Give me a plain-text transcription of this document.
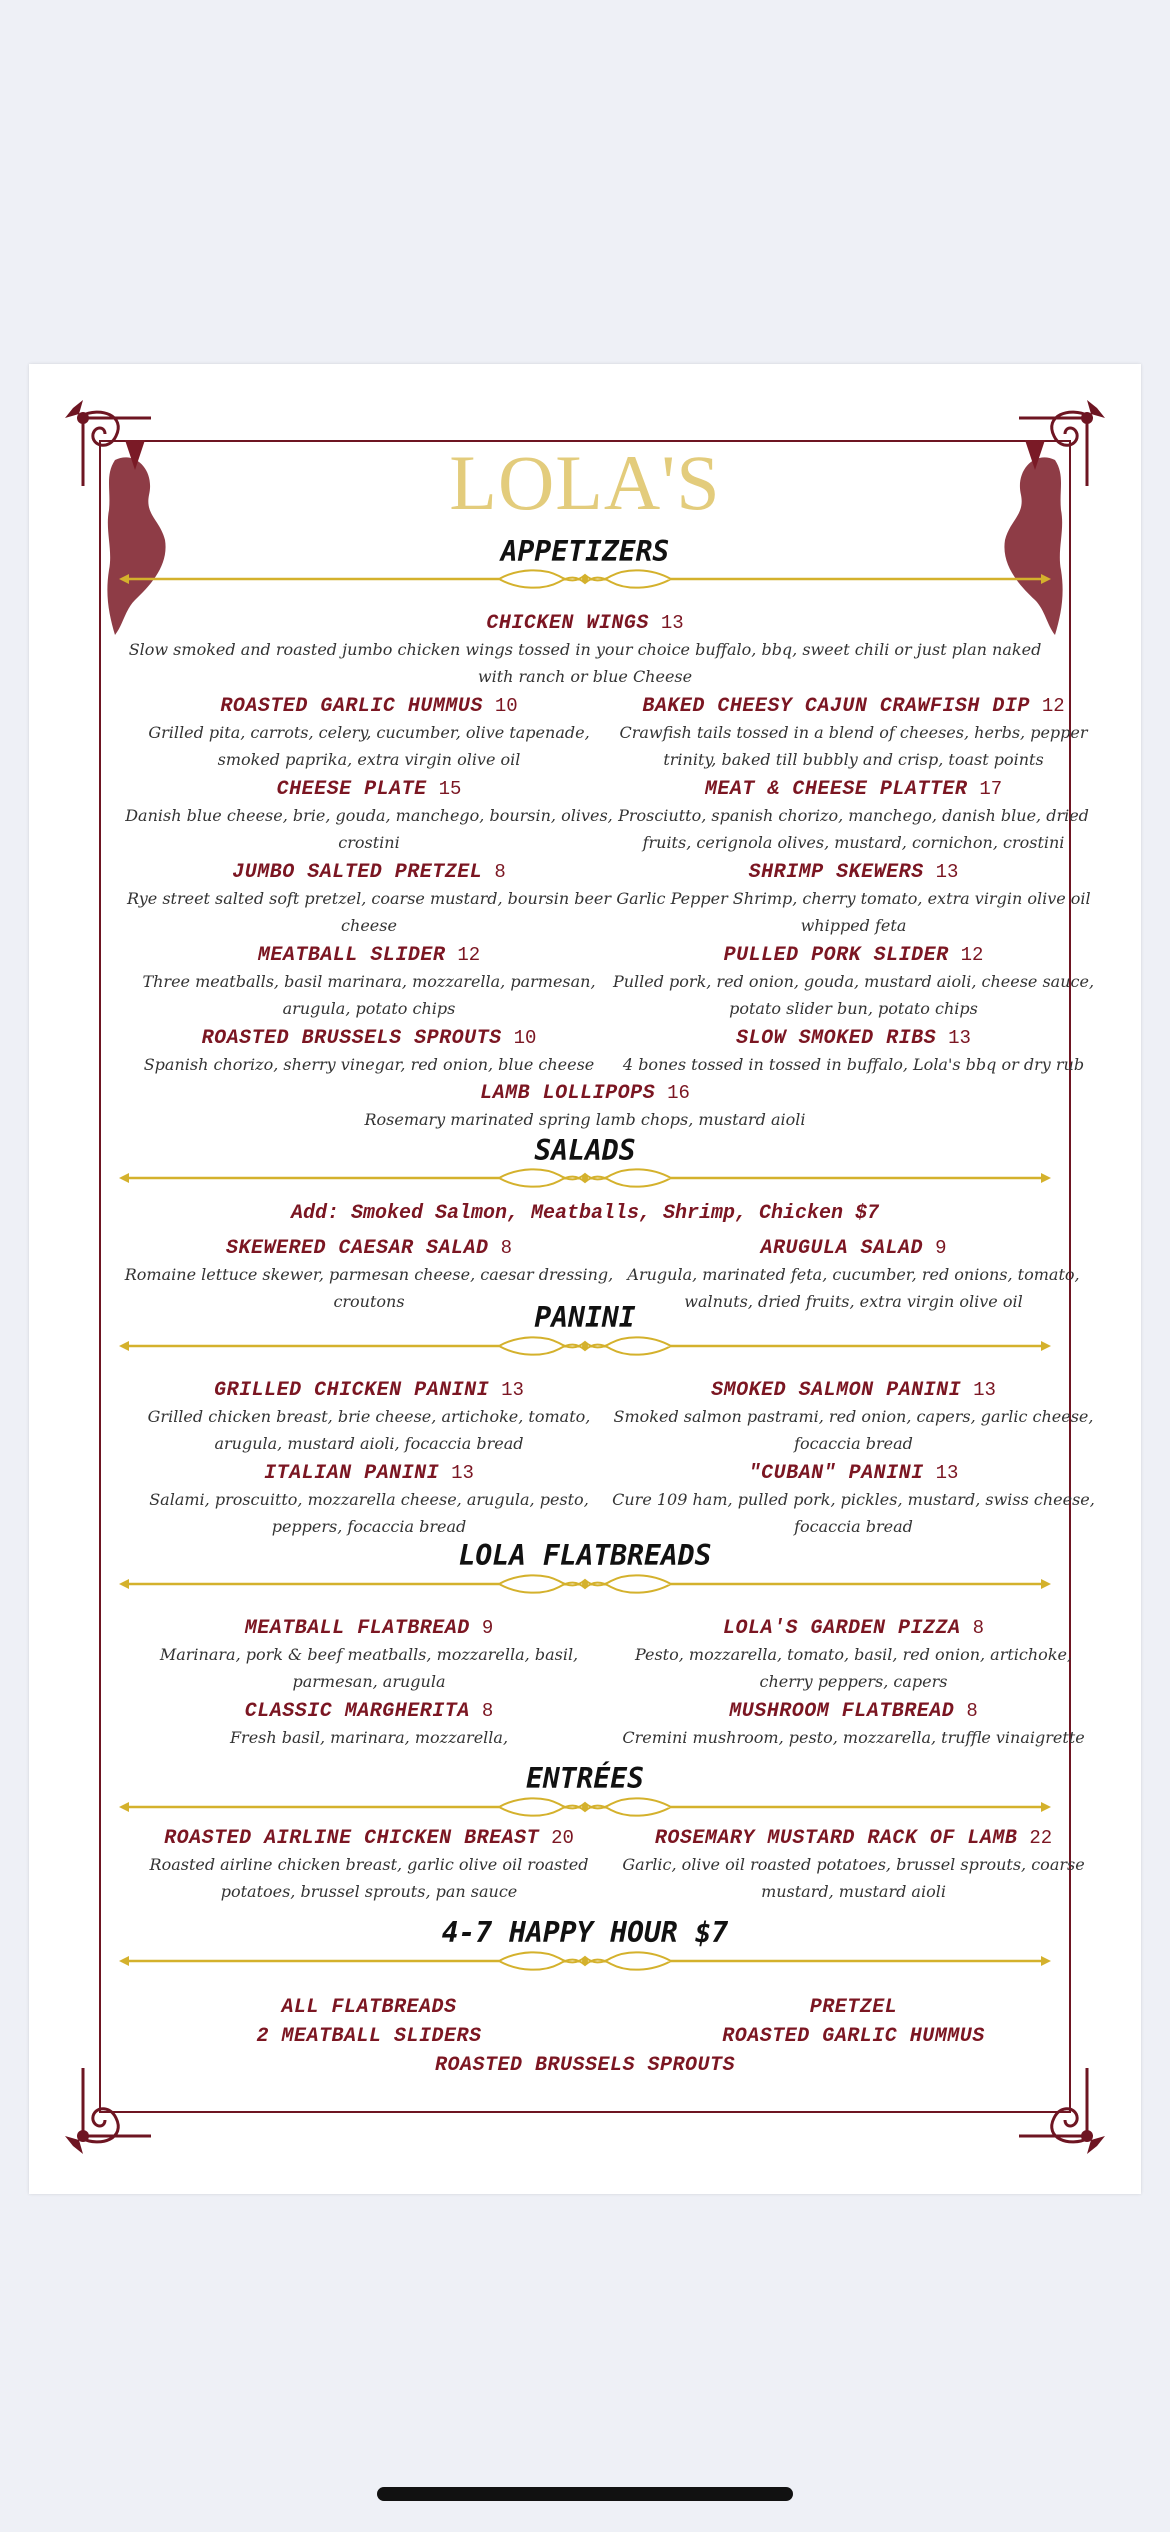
LOLA'S
APPETIZERS
CHICKEN WINGS 13
Slow smoked and roasted jumbo chicken wings tossed in your choice buffalo, bbq, sweet chili or just plan naked with ranch or blue Cheese
ROASTED GARLIC HUMMUS 10
Grilled pita, carrots, celery, cucumber, olive tapenade, smoked paprika, extra virgin olive oil
BAKED CHEESY CAJUN CRAWFISH DIP 12
Crawfish tails tossed in a blend of cheeses, herbs, pepper trinity, baked till bubbly and crisp, toast points
CHEESE PLATE 15
Danish blue cheese, brie, gouda, manchego, boursin, olives, crostini
MEAT & CHEESE PLATTER 17
Prosciutto, spanish chorizo, manchego, danish blue, dried fruits, cerignola olives, mustard, cornichon, crostini
JUMBO SALTED PRETZEL 8
Rye street salted soft pretzel, coarse mustard, boursin beer cheese
SHRIMP SKEWERS 13
Garlic Pepper Shrimp, cherry tomato, extra virgin olive oil whipped feta
MEATBALL SLIDER 12
Three meatballs, basil marinara, mozzarella, parmesan, arugula, potato chips
PULLED PORK SLIDER 12
Pulled pork, red onion, gouda, mustard aioli, cheese sauce, potato slider bun, potato chips
ROASTED BRUSSELS SPROUTS 10
Spanish chorizo, sherry vinegar, red onion, blue cheese
SLOW SMOKED RIBS 13
4 bones tossed in tossed in buffalo, Lola's bbq or dry rub
LAMB LOLLIPOPS 16
Rosemary marinated spring lamb chops, mustard aioli
SALADS
Add: Smoked Salmon, Meatballs, Shrimp, Chicken $7
SKEWERED CAESAR SALAD 8
Romaine lettuce skewer, parmesan cheese, caesar dressing, croutons
ARUGULA SALAD 9
Arugula, marinated feta, cucumber, red onions, tomato, walnuts, dried fruits, extra virgin olive oil
PANINI
GRILLED CHICKEN PANINI 13
Grilled chicken breast, brie cheese, artichoke, tomato, arugula, mustard aioli, focaccia bread
SMOKED SALMON PANINI 13
Smoked salmon pastrami, red onion, capers, garlic cheese, focaccia bread
ITALIAN PANINI 13
Salami, proscuitto, mozzarella cheese, arugula, pesto, peppers, focaccia bread
"CUBAN" PANINI 13
Cure 109 ham, pulled pork, pickles, mustard, swiss cheese, focaccia bread
LOLA FLATBREADS
MEATBALL FLATBREAD 9
Marinara, pork & beef meatballs, mozzarella, basil, parmesan, arugula
LOLA'S GARDEN PIZZA 8
Pesto, mozzarella, tomato, basil, red onion, artichoke, cherry peppers, capers
CLASSIC MARGHERITA 8
Fresh basil, marinara, mozzarella,
MUSHROOM FLATBREAD 8
Cremini mushroom, pesto, mozzarella, truffle vinaigrette
ENTRÉES
ROASTED AIRLINE CHICKEN BREAST 20
Roasted airline chicken breast, garlic olive oil roasted potatoes, brussel sprouts, pan sauce
ROSEMARY MUSTARD RACK OF LAMB 22
Garlic, olive oil roasted potatoes, brussel sprouts, coarse mustard, mustard aioli
4-7 HAPPY HOUR $7
ALL FLATBREADS	PRETZEL
2 MEATBALL SLIDERS	ROASTED GARLIC HUMMUS
ROASTED BRUSSELS SPROUTS
